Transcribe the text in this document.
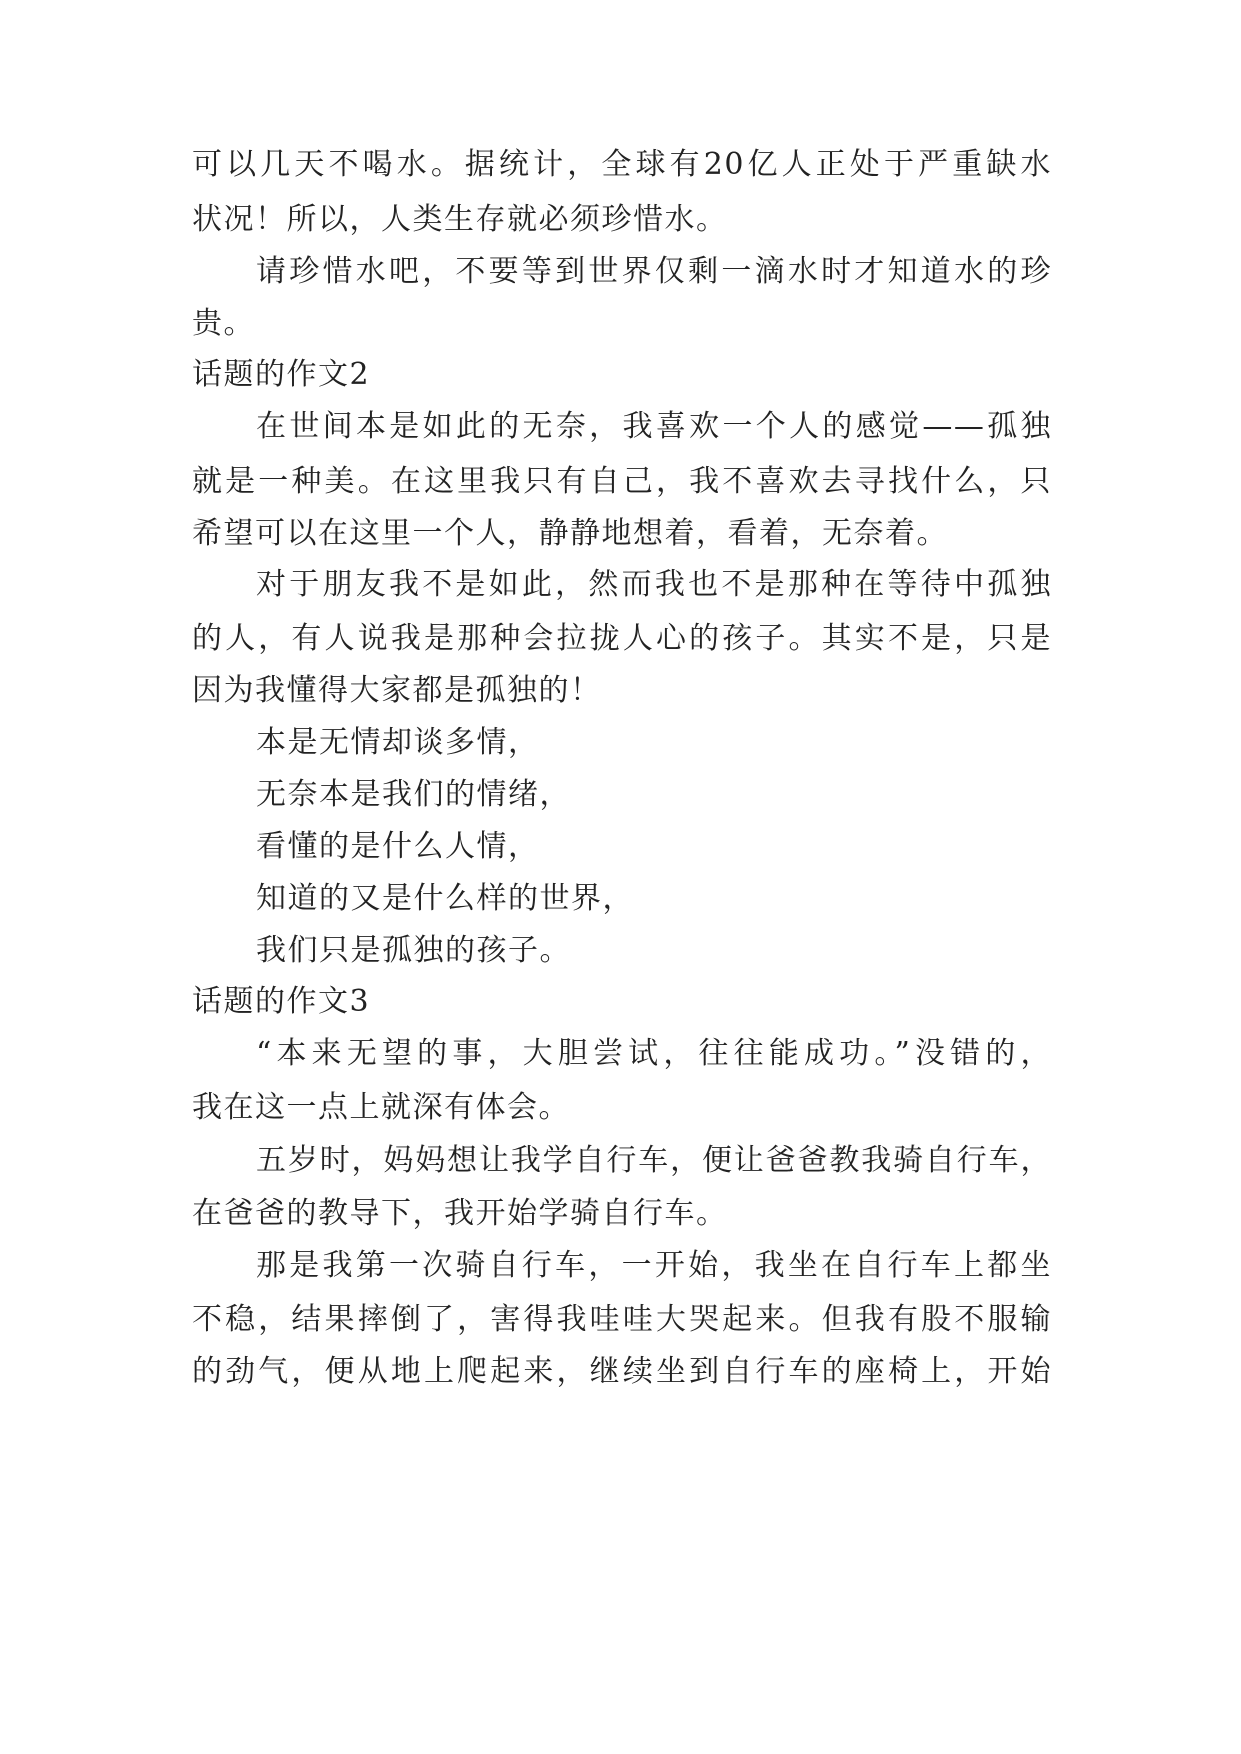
可以几天不喝水。据统计，全球有20亿人正处于严重缺水
状况！所以，人类生存就必须珍惜水。
请珍惜水吧，不要等到世界仅剩一滴水时才知道水的珍
贵。
话题的作文2
在世间本是如此的无奈，我喜欢一个人的感觉——孤独
就是一种美。在这里我只有自己，我不喜欢去寻找什么，只
希望可以在这里一个人，静静地想着，看着，无奈着。
对于朋友我不是如此，然而我也不是那种在等待中孤独
的人，有人说我是那种会拉拢人心的孩子。其实不是，只是
因为我懂得大家都是孤独的！
本是无情却谈多情，
无奈本是我们的情绪，
看懂的是什么人情，
知道的又是什么样的世界，
我们只是孤独的孩子。
话题的作文3
“本来无望的事，大胆尝试，往往能成功。”没错的，
我在这一点上就深有体会。
五岁时，妈妈想让我学自行车，便让爸爸教我骑自行车，
在爸爸的教导下，我开始学骑自行车。
那是我第一次骑自行车，一开始，我坐在自行车上都坐
不稳，结果摔倒了，害得我哇哇大哭起来。但我有股不服输
的劲气，便从地上爬起来，继续坐到自行车的座椅上，开始
